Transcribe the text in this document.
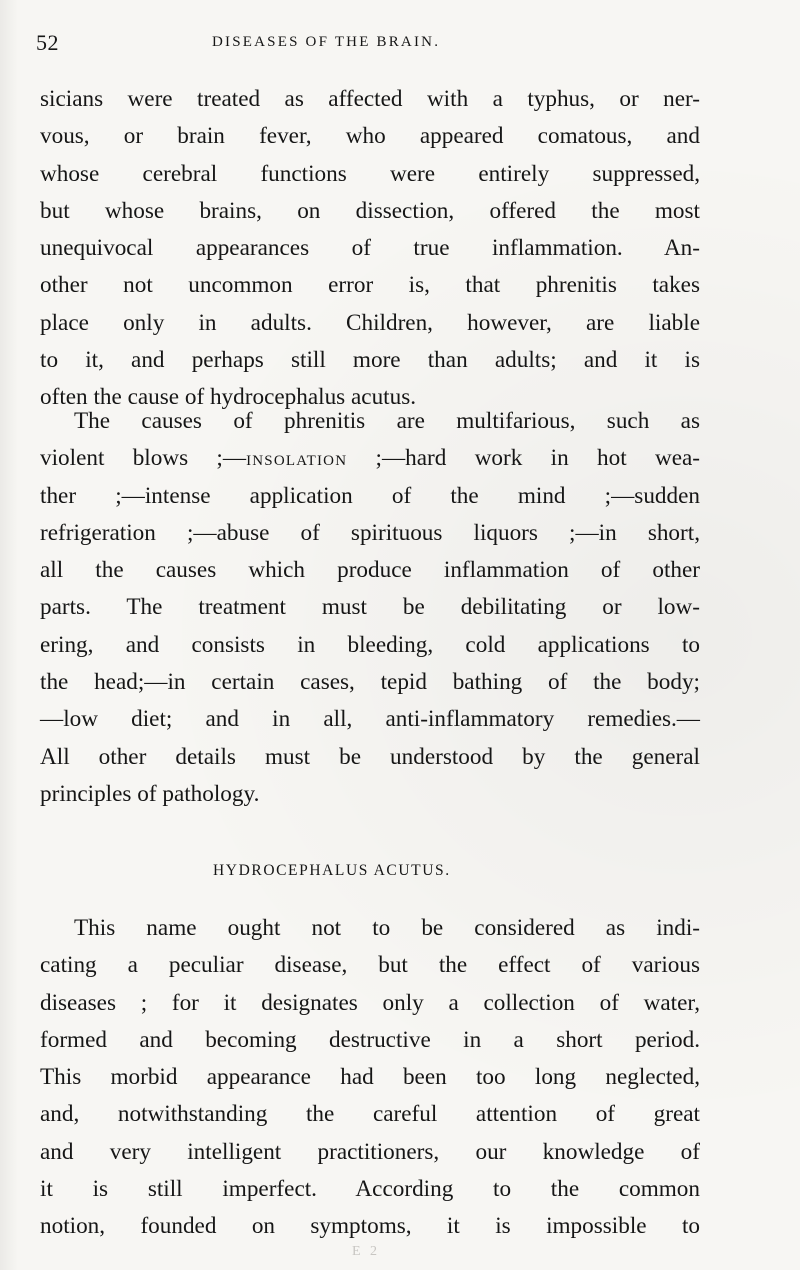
52	DISEASES OF THE BRAIN.
sicians were treated as affected with a typhus, or ner-
vous, or brain fever, who appeared comatous, and
whose cerebral functions were entirely suppressed,
but whose brains, on dissection, offered the most
unequivocal appearances of true inflammation. An-
other not uncommon error is, that phrenitis takes
place only in adults. Children, however, are liable
to it, and perhaps still more than adults; and it is
often the cause of hydrocephalus acutus.
The causes of phrenitis are multifarious, such as
violent blows ;—INSOLATION ;—hard work in hot wea-
ther ;—intense application of the mind ;—sudden
refrigeration ;—abuse of spirituous liquors ;—in short,
all the causes which produce inflammation of other
parts. The treatment must be debilitating or low-
ering, and consists in bleeding, cold applications to
the head;—in certain cases, tepid bathing of the body;
—low diet; and in all, anti-inflammatory remedies.—
All other details must be understood by the general
principles of pathology.
HYDROCEPHALUS ACUTUS.
This name ought not to be considered as indi-
cating a peculiar disease, but the effect of various
diseases ; for it designates only a collection of water,
formed and becoming destructive in a short period.
This morbid appearance had been too long neglected,
and, notwithstanding the careful attention of great
and very intelligent practitioners, our knowledge of
it is still imperfect. According to the common
notion, founded on symptoms, it is impossible to
E 2
